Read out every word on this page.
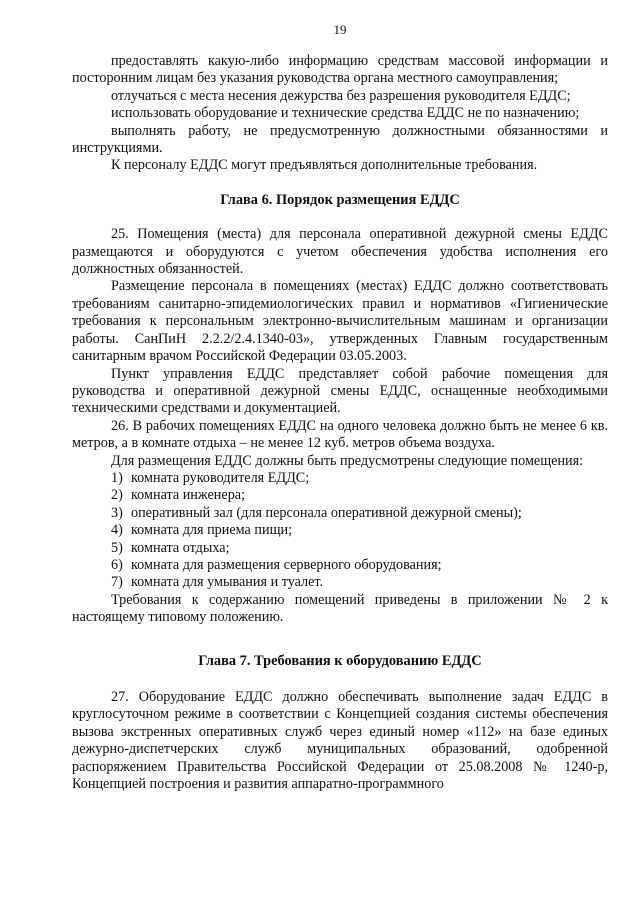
19

предоставлять какую-либо информацию средствам массовой информации и посторонним лицам без указания руководства органа местного самоуправления;

отлучаться с места несения дежурства без разрешения руководителя ЕДДС;

использовать оборудование и технические средства ЕДДС не по назначению;

выполнять работу, не предусмотренную должностными обязанностями и инструкциями.

К персоналу ЕДДС могут предъявляться дополнительные требования.

Глава 6. Порядок размещения ЕДДС

25. Помещения (места) для персонала оперативной дежурной смены ЕДДС размещаются и оборудуются с учетом обеспечения удобства исполнения его должностных обязанностей.

Размещение персонала в помещениях (местах) ЕДДС должно соответствовать требованиям санитарно-эпидемиологических правил и нормативов «Гигиенические требования к персональным электронно-вычислительным машинам и организации работы. СанПиН 2.2.2/2.4.1340-03», утвержденных Главным государственным санитарным врачом Российской Федерации 03.05.2003.

Пункт управления ЕДДС представляет собой рабочие помещения для руководства и оперативной дежурной смены ЕДДС, оснащенные необходимыми техническими средствами и документацией.

26. В рабочих помещениях ЕДДС на одного человека должно быть не менее 6 кв. метров, а в комнате отдыха – не менее 12 куб. метров объема воздуха.

Для размещения ЕДДС должны быть предусмотрены следующие помещения:

1) комната руководителя ЕДДС;
2) комната инженера;
3) оперативный зал (для персонала оперативной дежурной смены);
4) комната для приема пищи;
5) комната отдыха;
6) комната для размещения серверного оборудования;
7) комната для умывания и туалет.

Требования к содержанию помещений приведены в приложении № 2 к настоящему типовому положению.

Глава 7. Требования к оборудованию ЕДДС

27. Оборудование ЕДДС должно обеспечивать выполнение задач ЕДДС в круглосуточном режиме в соответствии с Концепцией создания системы обеспечения вызова экстренных оперативных служб через единый номер «112» на базе единых дежурно-диспетчерских служб муниципальных образований, одобренной распоряжением Правительства Российской Федерации от 25.08.2008 № 1240-р, Концепцией построения и развития аппаратно-программного
